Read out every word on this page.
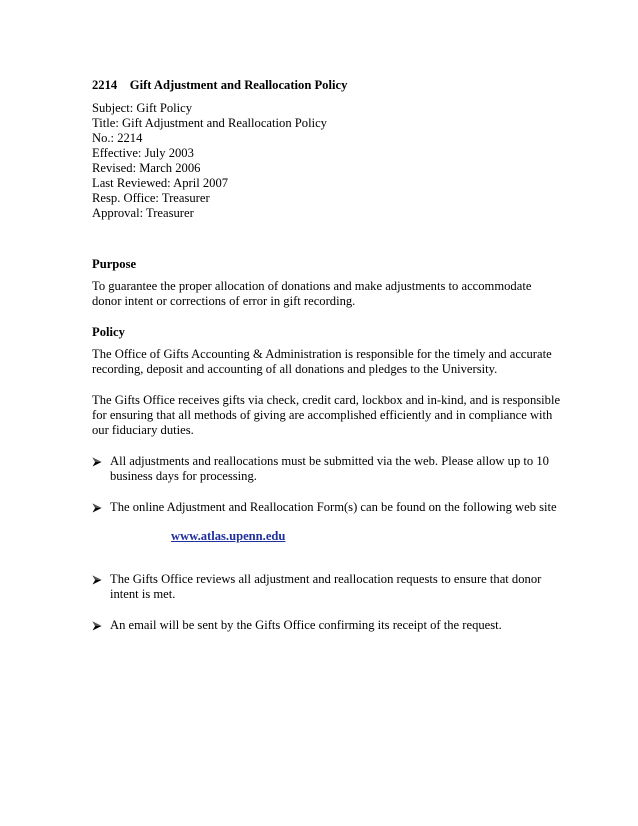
2214    Gift Adjustment and Reallocation Policy
Subject: Gift Policy
Title: Gift Adjustment and Reallocation Policy
No.: 2214
Effective: July 2003
Revised: March 2006
Last Reviewed: April 2007
Resp. Office: Treasurer
Approval: Treasurer
Purpose
To guarantee the proper allocation of donations and make adjustments to accommodate donor intent or corrections of error in gift recording.
Policy
The Office of Gifts Accounting & Administration is responsible for the timely and accurate recording, deposit and accounting of all donations and pledges to the University.
The Gifts Office receives gifts via check, credit card, lockbox and in-kind, and is responsible for ensuring that all methods of giving are accomplished efficiently and in compliance with our fiduciary duties.
All adjustments and reallocations must be submitted via the web. Please allow up to 10 business days for processing.
The online Adjustment and Reallocation Form(s) can be found on the following web site
www.atlas.upenn.edu
The Gifts Office reviews all adjustment and reallocation requests to ensure that donor intent is met.
An email will be sent by the Gifts Office confirming its receipt of the request.
